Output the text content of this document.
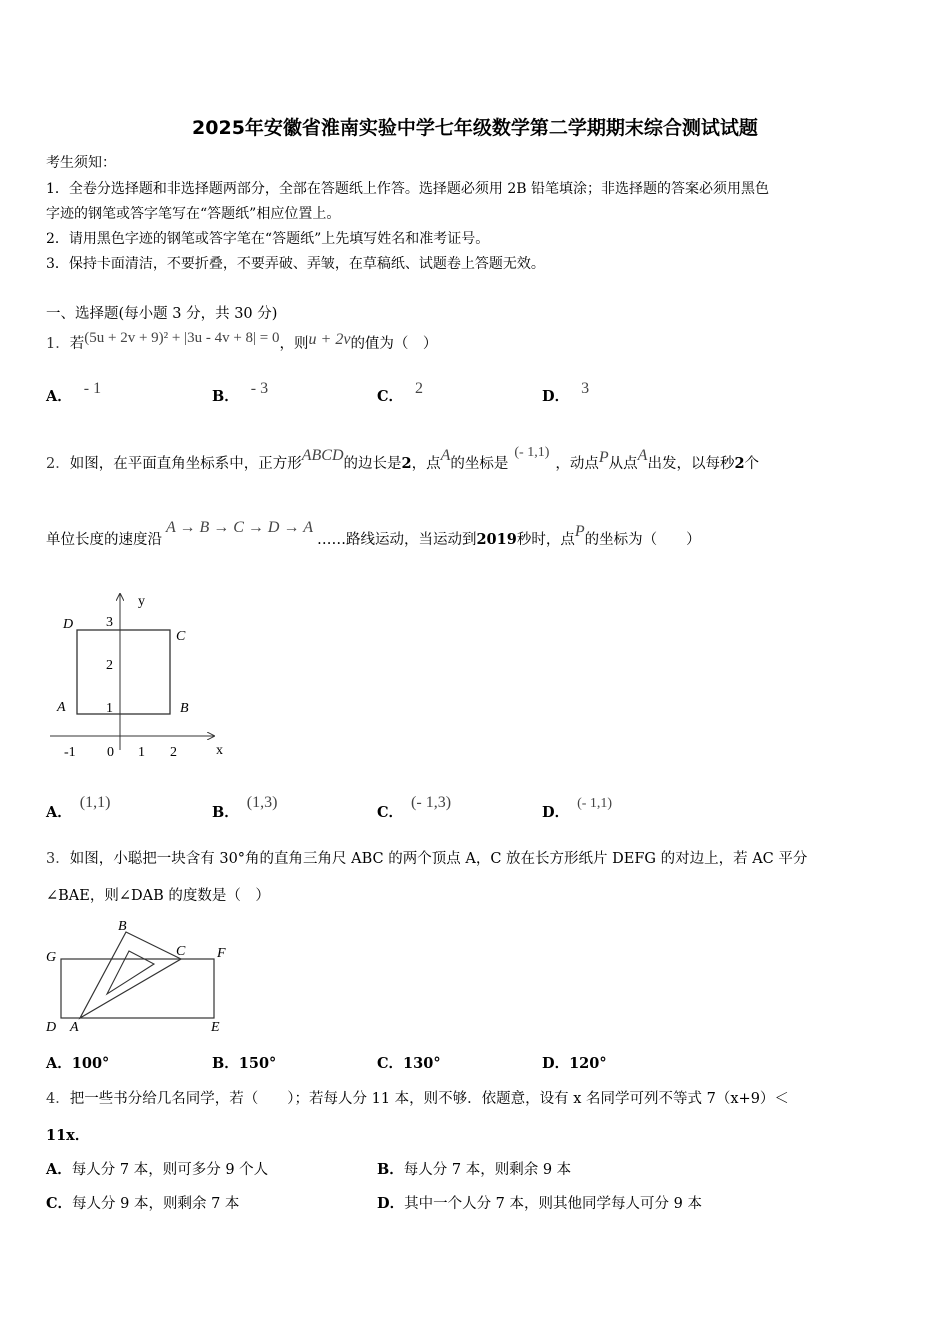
2025年安徽省淮南实验中学七年级数学第二学期期末综合测试试题
考生须知：
1．全卷分选择题和非选择题两部分，全部在答题纸上作答。选择题必须用 2B 铅笔填涂；非选择题的答案必须用黑色
字迹的钢笔或答字笔写在“答题纸”相应位置上。
2．请用黑色字迹的钢笔或答字笔在“答题纸”上先填写姓名和准考证号。
3．保持卡面清洁，不要折叠，不要弄破、弄皱，在草稿纸、试题卷上答题无效。
一、选择题(每小题 3 分，共 30 分)
1．若(5u + 2v + 9)² + |3u - 4v + 8| = 0，则u + 2v的值为（　）
A． - 1	B． - 3	C． 2	D． 3
2．如图，在平面直角坐标系中，正方形ABCD的边长是2，点A的坐标是(- 1,1)，动点P从点A出发，以每秒2个
单位长度的速度沿A → B → C → D → A……路线运动，当运动到2019秒时，点P的坐标为（　　）
y
x
D
C
A	B
3
2
1
-1 0 1 2
A．(1,1)
B．(1,3)
C．(- 1,3)
D．(- 1,1)
3．如图，小聪把一块含有 30°角的直角三角尺 ABC 的两个顶点 A，C 放在长方形纸片 DEFG 的对边上，若 AC 平分
∠BAE，则∠DAB 的度数是（　）
G	F
D A	E
B
C
A．100°	B．150°	C．130°	D．120°
4．把一些书分给几名同学，若（　　）；若每人分 11 本，则不够．依题意，设有 x 名同学可列不等式 7（x+9）＜
11x．
A．每人分 7 本，则可多分 9 个人	B．每人分 7 本，则剩余 9 本
C．每人分 9 本，则剩余 7 本	D．其中一个人分 7 本，则其他同学每人可分 9 本
